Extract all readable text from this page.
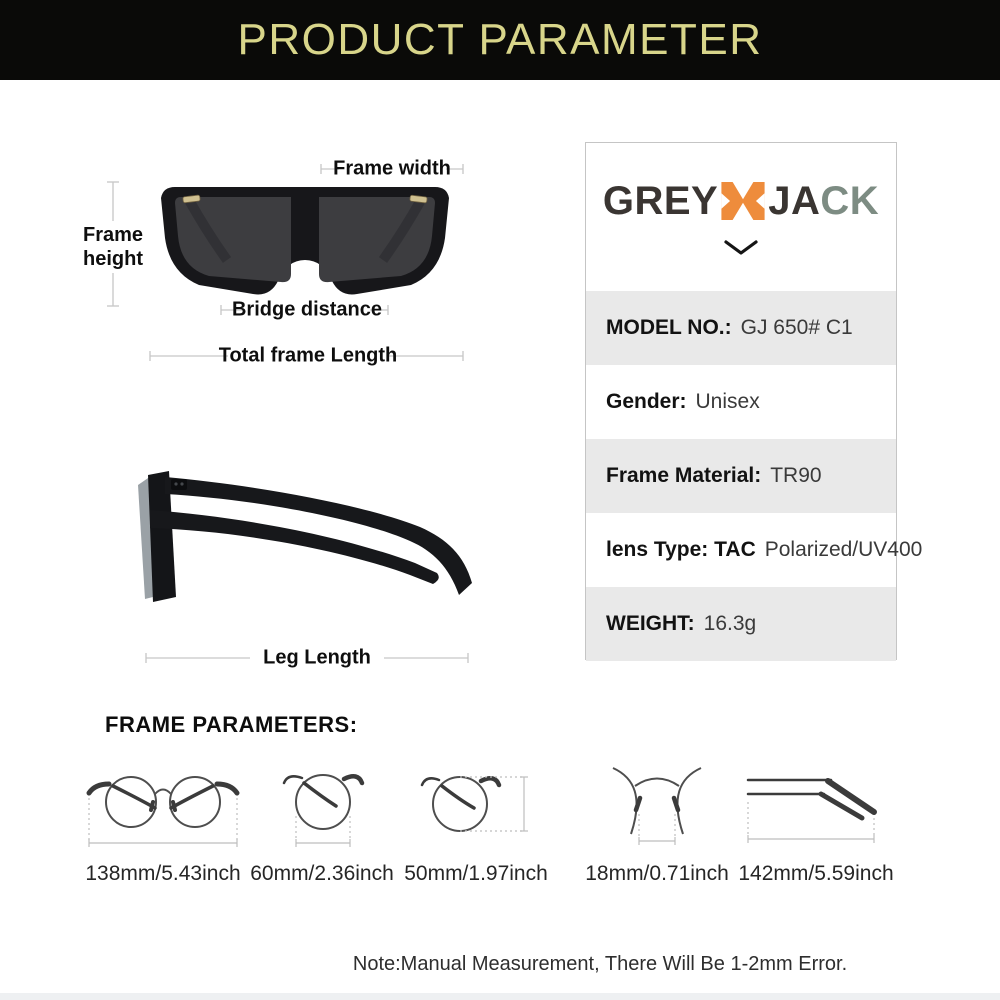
PRODUCT PARAMETER
Frame width
Frame height
Bridge distance
Total frame Length
Leg Length
GREY JA CK
MODEL NO.: GJ 650# C1
Gender: Unisex
Frame Material: TR90
lens Type: TAC Polarized/UV400
WEIGHT: 16.3g
FRAME PARAMETERS:
138mm/5.43inch 60mm/2.36inch 50mm/1.97inch 18mm/0.71inch 142mm/5.59inch
Note:Manual Measurement, There Will Be 1-2mm Error.
